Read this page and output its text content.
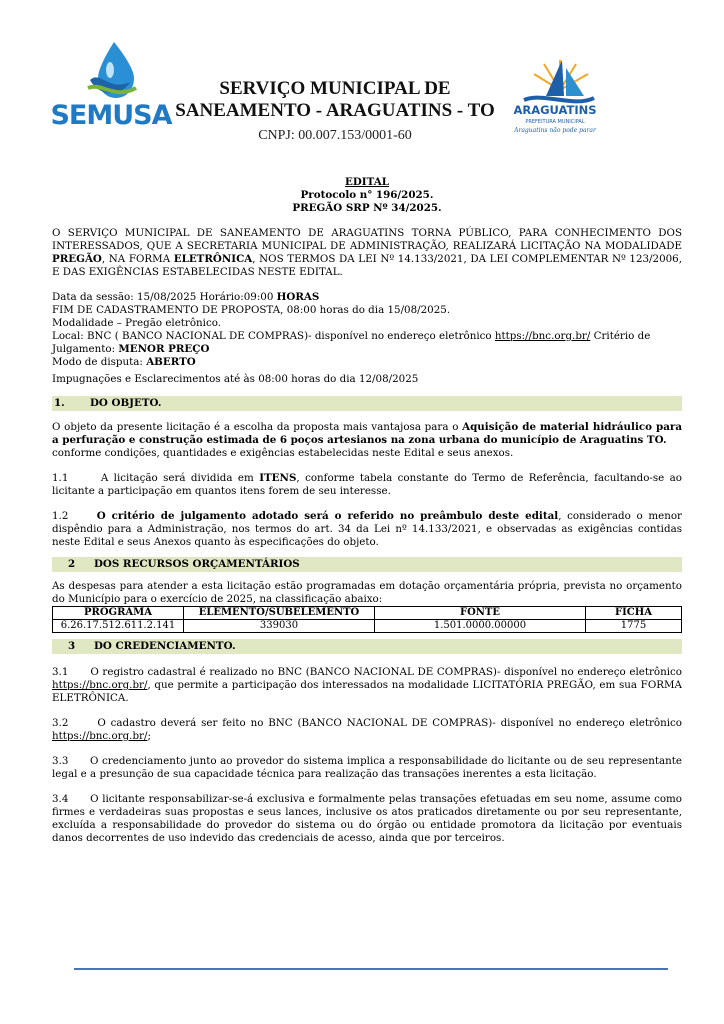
SEMUSA
SERVIÇO MUNICIPAL DE
SANEAMENTO - ARAGUATINS - TO
CNPJ: 00.007.153/0001-60
ARAGUATINS
PREFEITURA MUNICIPAL
Araguatins não pode parar
EDITAL
Protocolo n° 196/2025.
PREGÃO SRP Nº 34/2025.
O SERVIÇO MUNICIPAL DE SANEAMENTO DE ARAGUATINS TORNA PÚBLICO, PARA CONHECIMENTO DOS INTERESSADOS, QUE A SECRETARIA MUNICIPAL DE ADMINISTRAÇÃO, REALIZARÁ LICITAÇÃO NA MODALIDADE PREGÃO, NA FORMA ELETRÔNICA, NOS TERMOS DA LEI Nº 14.133/2021, DA LEI COMPLEMENTAR Nº 123/2006, E DAS EXIGÊNCIAS ESTABELECIDAS NESTE EDITAL.
Data da sessão: 15/08/2025 Horário:09:00 HORAS
FIM DE CADASTRAMENTO DE PROPOSTA, 08:00 horas do dia 15/08/2025.
Modalidade – Pregão eletrônico.
Local: BNC ( BANCO NACIONAL DE COMPRAS)- disponível no endereço eletrônico https://bnc.org.br/ Critério de Julgamento: MENOR PREÇO
Modo de disputa: ABERTO
Impugnações e Esclarecimentos até às 08:00 horas do dia 12/08/2025
1. DO OBJETO.
O objeto da presente licitação é a escolha da proposta mais vantajosa para o Aquisição de material hidráulico para a perfuração e construção estimada de 6 poços artesianos na zona urbana do município de Araguatins TO.
conforme condições, quantidades e exigências estabelecidas neste Edital e seus anexos.
1.1	A licitação será dividida em ITENS, conforme tabela constante do Termo de Referência, facultando-se ao licitante a participação em quantos itens forem de seu interesse.
1.2	O critério de julgamento adotado será o referido no preâmbulo deste edital, considerado o menor dispêndio para a Administração, nos termos do art. 34 da Lei nº 14.133/2021, e observadas as exigências contidas neste Edital e seus Anexos quanto às especificações do objeto.
2 DOS RECURSOS ORÇAMENTÁRIOS
As despesas para atender a esta licitação estão programadas em dotação orçamentária própria, prevista no orçamento do Município para o exercício de 2025, na classificação abaixo:
PROGRAMA	ELEMENTO/SUBELEMENTO	FONTE	FICHA
6.26.17.512.611.2.141	339030	1.501.0000.00000	1775
3 DO CREDENCIAMENTO.
3.1 O registro cadastral é realizado no BNC (BANCO NACIONAL DE COMPRAS)- disponível no endereço eletrônico https://bnc.org.br/, que permite a participação dos interessados na modalidade LICITATÓRIA PREGÃO, em sua FORMA ELETRÔNICA.
3.2	O cadastro deverá ser feito no BNC (BANCO NACIONAL DE COMPRAS)- disponível no endereço eletrônico https://bnc.org.br/;
3.3 O credenciamento junto ao provedor do sistema implica a responsabilidade do licitante ou de seu representante legal e a presunção de sua capacidade técnica para realização das transações inerentes a esta licitação.
3.4 O licitante responsabilizar-se-á exclusiva e formalmente pelas transações efetuadas em seu nome, assume como firmes e verdadeiras suas propostas e seus lances, inclusive os atos praticados diretamente ou por seu representante, excluída a responsabilidade do provedor do sistema ou do órgão ou entidade promotora da licitação por eventuais danos decorrentes de uso indevido das credenciais de acesso, ainda que por terceiros.
